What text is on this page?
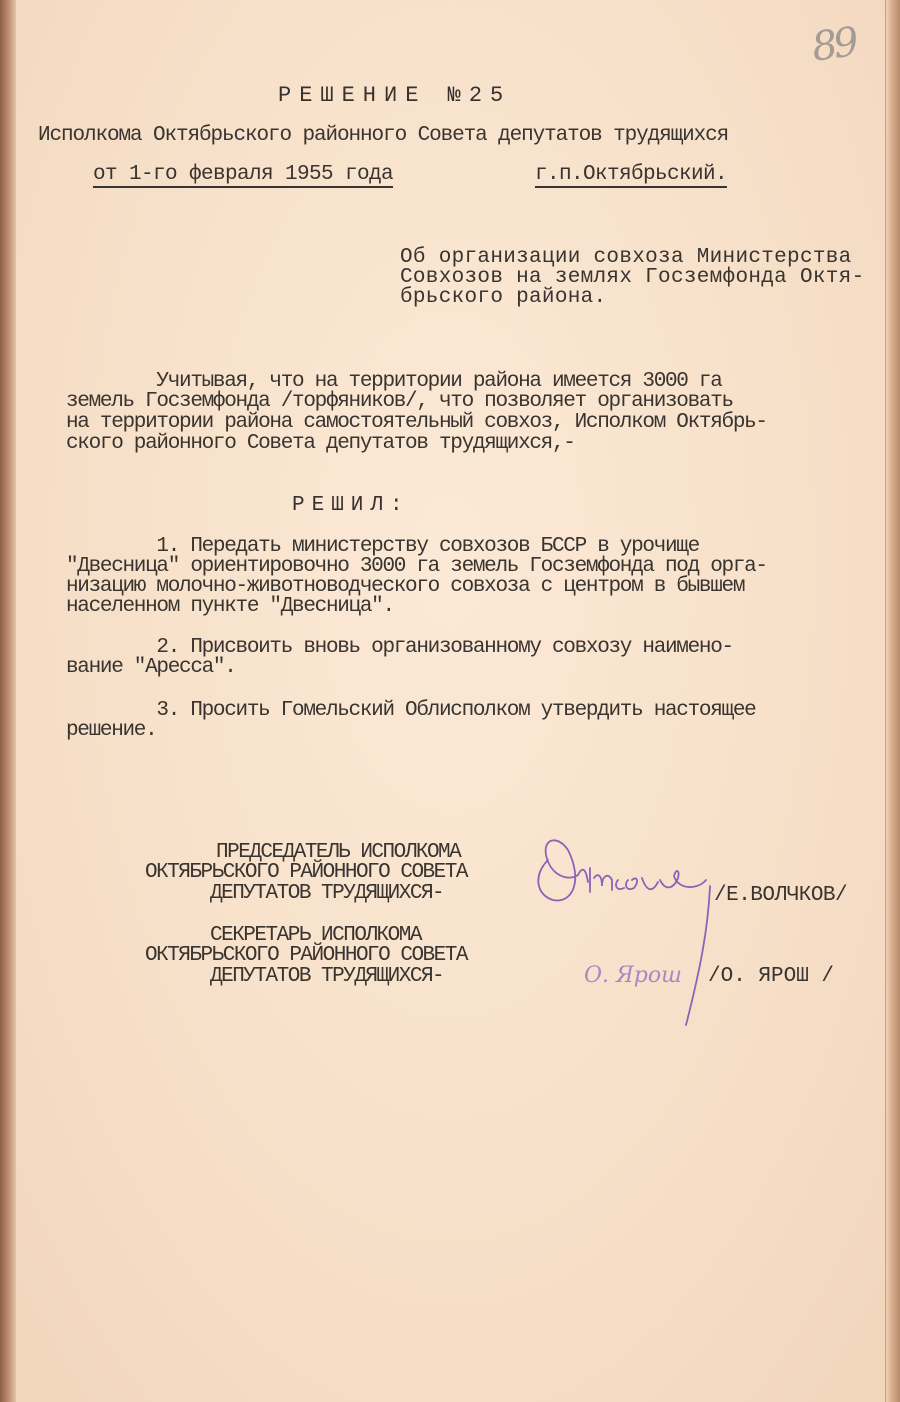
89
РЕШЕНИЕ №25
Исполкома Октябрьского районного Совета депутатов трудящихся
от 1-го февраля 1955 года	г.п.Октябрьский.
Об организации совхоза Министерства
Совхозов на землях Госземфонда Октя-
брьского района.
Учитывая, что на территории района имеется 3000 га
земель Госземфонда /торфяников/, что позволяет организовать
на территории района самостоятельный совхоз, Исполком Октябрь-
ского районного Совета депутатов трудящихся,-
РЕШИЛ:
1. Передать министерству совхозов БССР в урочище
"Двесница" ориентировочно 3000 га земель Госземфонда под орга-
низацию молочно-животноводческого совхоза с центром в бывшем
населенном пункте "Двесница".
2. Присвоить вновь организованному совхозу наимено-
вание "Аресса".
3. Просить Гомельский Облисполком утвердить настоящее
решение.
ПРЕДСЕДАТЕЛЬ ИСПОЛКОМА
ОКТЯБРЬСКОГО РАЙОННОГО СОВЕТА
ДЕПУТАТОВ ТРУДЯЩИХСЯ-	/Е.ВОЛЧКОВ/
СЕКРЕТАРЬ ИСПОЛКОМА
ОКТЯБРЬСКОГО РАЙОННОГО СОВЕТА
ДЕПУТАТОВ ТРУДЯЩИХСЯ-	О. Ярош /О. ЯРОШ /
